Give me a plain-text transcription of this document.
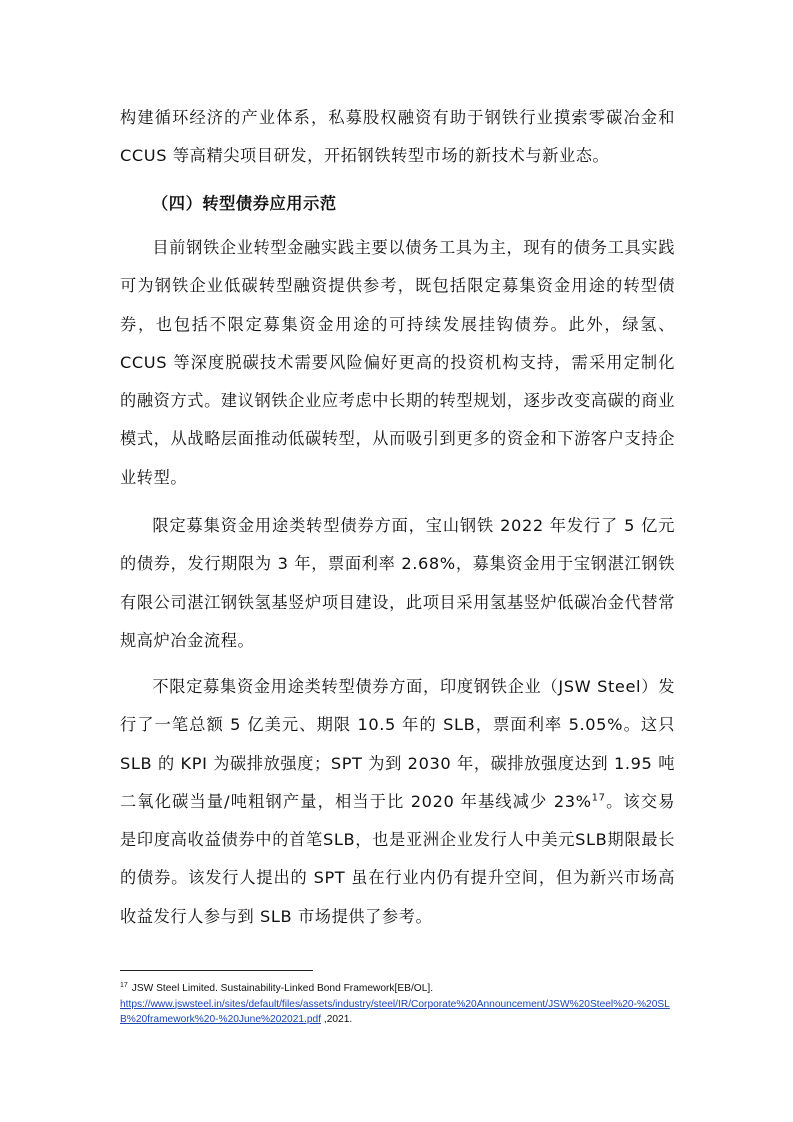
构建循环经济的产业体系，私募股权融资有助于钢铁行业摸索零碳冶金和 CCUS 等高精尖项目研发，开拓钢铁转型市场的新技术与新业态。

（四）转型债券应用示范

目前钢铁企业转型金融实践主要以债务工具为主，现有的债务工具实践可为钢铁企业低碳转型融资提供参考，既包括限定募集资金用途的转型债券，也包括不限定募集资金用途的可持续发展挂钩债券。此外，绿氢、CCUS 等深度脱碳技术需要风险偏好更高的投资机构支持，需采用定制化的融资方式。建议钢铁企业应考虑中长期的转型规划，逐步改变高碳的商业模式，从战略层面推动低碳转型，从而吸引到更多的资金和下游客户支持企业转型。

限定募集资金用途类转型债券方面，宝山钢铁 2022 年发行了 5 亿元的债券，发行期限为 3 年，票面利率 2.68%，募集资金用于宝钢湛江钢铁有限公司湛江钢铁氢基竖炉项目建设，此项目采用氢基竖炉低碳冶金代替常规高炉冶金流程。

不限定募集资金用途类转型债券方面，印度钢铁企业（JSW Steel）发行了一笔总额 5 亿美元、期限 10.5 年的 SLB，票面利率 5.05%。这只 SLB 的 KPI 为碳排放强度；SPT 为到 2030 年，碳排放强度达到 1.95 吨二氧化碳当量/吨粗钢产量，相当于比 2020 年基线减少 23%$^{17}$。该交易是印度高收益债券中的首笔SLB，也是亚洲企业发行人中美元SLB期限最长的债券。该发行人提出的 SPT 虽在行业内仍有提升空间，但为新兴市场高收益发行人参与到 SLB 市场提供了参考。

$^{17}$ JSW Steel Limited. Sustainability-Linked Bond Framework[EB/OL].
https://www.jswsteel.in/sites/default/files/assets/industry/steel/IR/Corporate%20Announcement/JSW%20Steel%20-%20SLB%20framework%20-%20June%202021.pdf ,2021.
